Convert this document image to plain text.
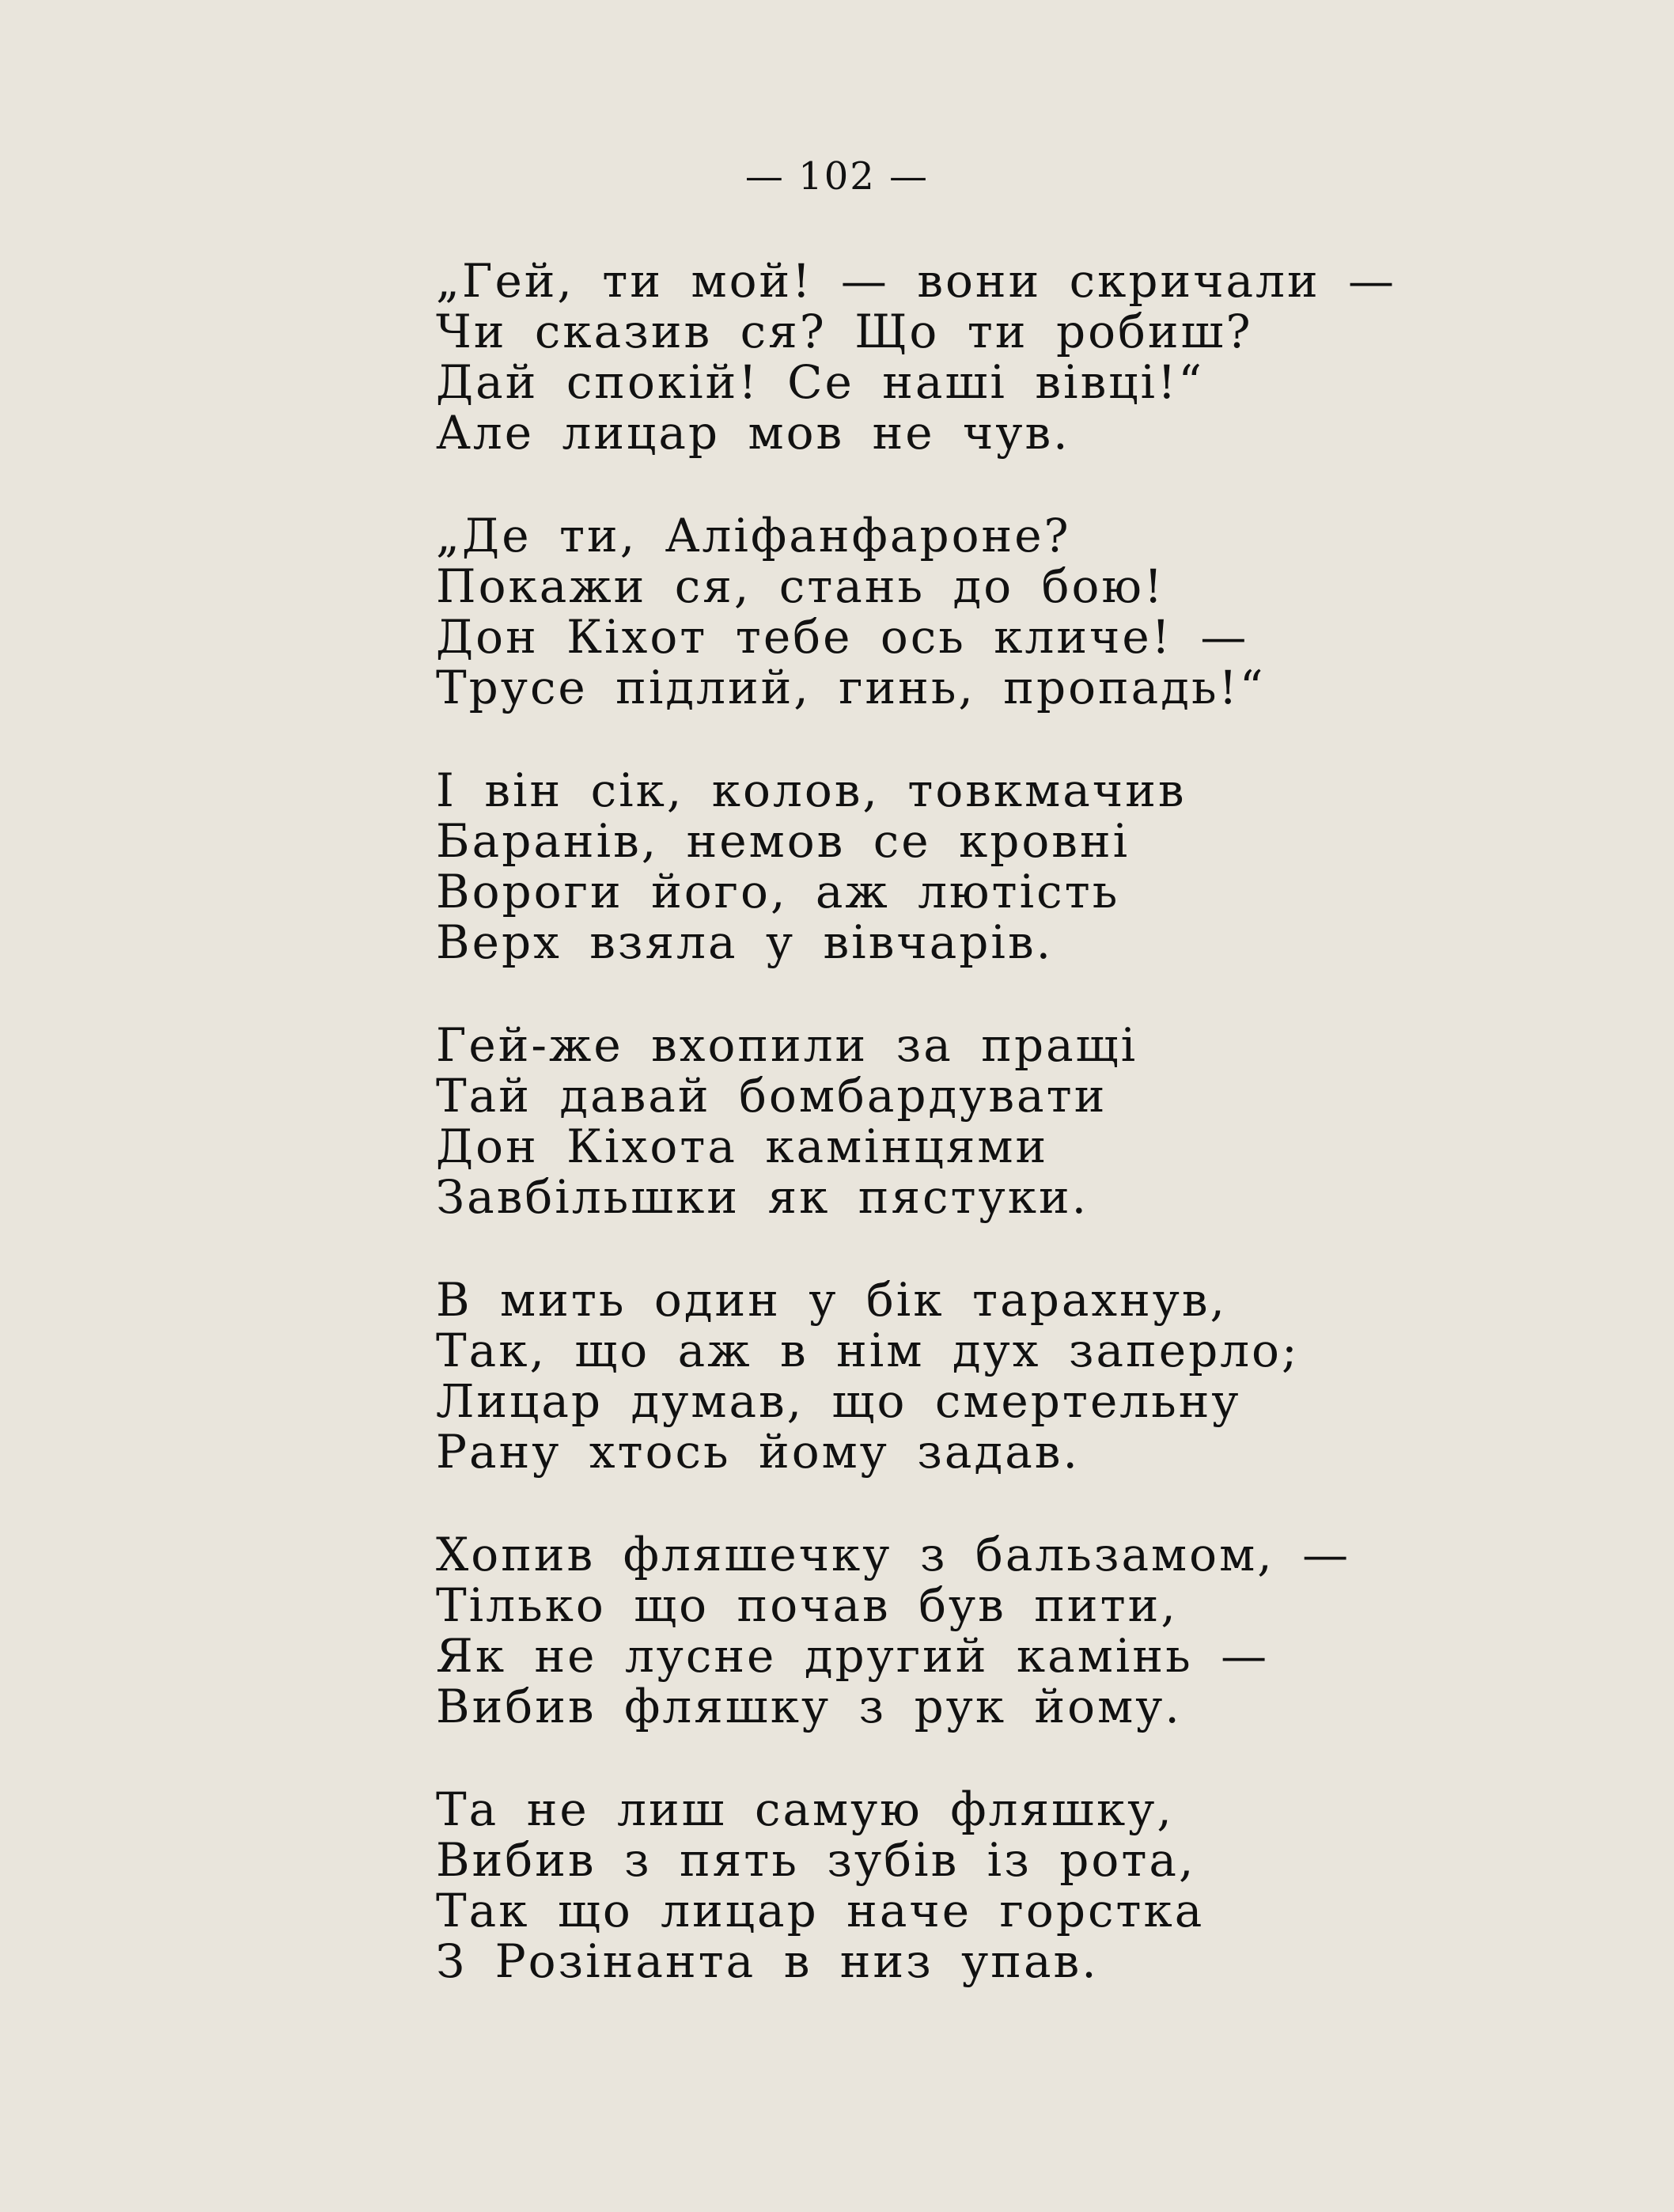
— 102 —
„Гей, ти мой! — вони скричали —
Чи сказив ся? Що ти робиш?
Дай спокій! Се наші вівці!“
Але лицар мов не чув.
„Де ти, Аліфанфароне?
Покажи ся, стань до бою!
Дон Кіхот тебе ось кличе! —
Трусе підлий, гинь, пропадь!“
І він сік, колов, товкмачив
Баранів, немов се кровні
Вороги його, аж лютість
Верх взяла у вівчарів.
Гей-же вхопили за пращі
Тай давай бомбардувати
Дон Кіхота камінцями
Завбільшки як пястуки.
В мить один у бік тарахнув,
Так, що аж в нім дух заперло;
Лицар думав, що смертельну
Рану хтось йому задав.
Хопив фляшечку з бальзамом, —
Тілько що почав був пити,
Як не лусне другий камінь —
Вибив фляшку з рук йому.
Та не лиш самую фляшку,
Вибив з пять зубів із рота,
Так що лицар наче горстка
З Розінанта в низ упав.
